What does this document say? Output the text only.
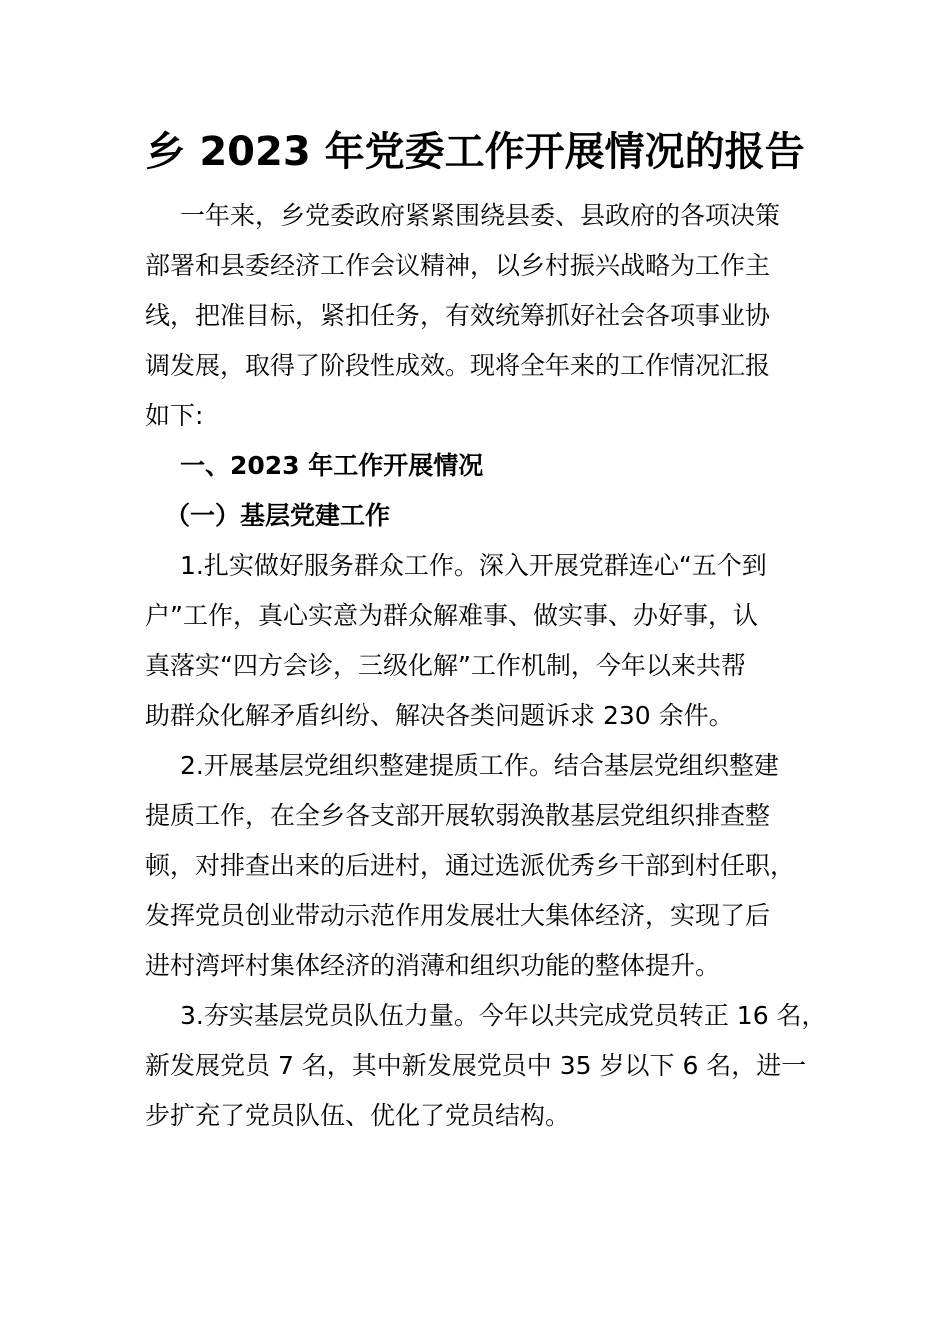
乡 2023 年党委工作开展情况的报告

一年来，乡党委政府紧紧围绕县委、县政府的各项决策
部署和县委经济工作会议精神，以乡村振兴战略为工作主
线，把准目标，紧扣任务，有效统筹抓好社会各项事业协
调发展，取得了阶段性成效。现将全年来的工作情况汇报
如下:

一、2023 年工作开展情况

（一）基层党建工作

1.扎实做好服务群众工作。深入开展党群连心“五个到
户”工作，真心实意为群众解难事、做实事、办好事，认
真落实“四方会诊，三级化解”工作机制，今年以来共帮
助群众化解矛盾纠纷、解决各类问题诉求 230 余件。

2.开展基层党组织整建提质工作。结合基层党组织整建
提质工作，在全乡各支部开展软弱涣散基层党组织排查整
顿，对排查出来的后进村，通过选派优秀乡干部到村任职，
发挥党员创业带动示范作用发展壮大集体经济，实现了后
进村湾坪村集体经济的消薄和组织功能的整体提升。

3.夯实基层党员队伍力量。今年以共完成党员转正 16 名，
新发展党员 7 名，其中新发展党员中 35 岁以下 6 名，进一
步扩充了党员队伍、优化了党员结构。
